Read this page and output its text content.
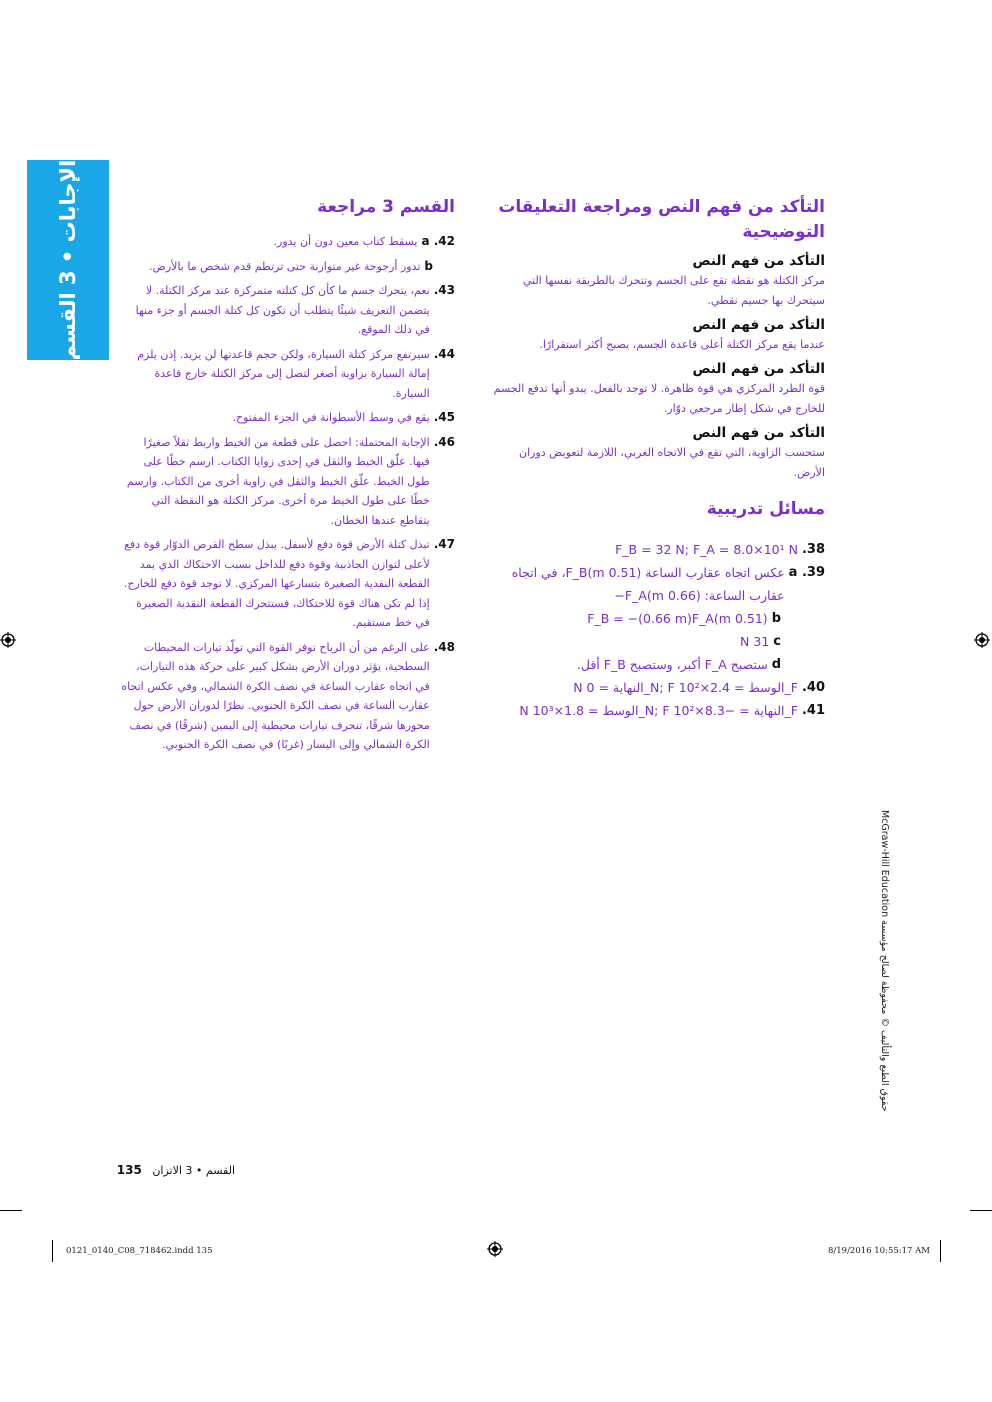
الإجابات • 3 القسم	القسم 3 مراجعة
42. a
يسقط كتاب معين دون أن يدور.
b
تدور أرجوحة غير متوازنة حتى ترتطم قدم شخص ما بالأرض.
43.
نعم، يتحرك جسم ما كأن كل كتلته متمركزة عند مركز الكتلة. لا يتضمن التعريف شيئًا يتطلب أن تكون كل كتلة الجسم أو جزء منها في ذلك الموقع.
44.
سيرتفع مركز كتلة السيارة، ولكن حجم قاعدتها لن يزيد. إذن يلزم إمالة السيارة بزاوية أصغر لتصل إلى مركز الكتلة خارج قاعدة السيارة.
45.
يقع في وسط الأسطوانة في الجزء المفتوح.
46.
الإجابة المحتملة: احصل على قطعة من الخيط واربط ثقلاً صغيرًا فيها. علّق الخيط والثقل في إحدى زوايا الكتاب. ارسم خطًا على طول الخيط. علّق الخيط والثقل في زاوية أخرى من الكتاب. وارسم خطًا على طول الخيط مرة أخرى. مركز الكتلة هو النقطة التي يتقاطع عندها الخطان.
47.
تبذل كتلة الأرض قوة دفع لأسفل. يبذل سطح القرص الدوّار قوة دفع لأعلى لتوازن الجاذبية وقوة دفع للداخل بسبب الاحتكاك الذي يمد القطعة النقدية الصغيرة بتسارعها المركزي. لا توجد قوة دفع للخارج. إذا لم تكن هناك قوة للاحتكاك، فستتحرك القطعة النقدية الصغيرة في خط مستقيم.
48.
على الرغم من أن الرياح توفر القوة التي تولّد تيارات المحيطات السطحية، يؤثر دوران الأرض بشكل كبير على حركة هذه التيارات، في اتجاه عقارب الساعة في نصف الكرة الشمالي، وفي عكس اتجاه عقارب الساعة في نصف الكرة الجنوبي. نظرًا لدوران الأرض حول محورها شرقًا، تنحرف تيارات محيطية إلى اليمين (شرقًا) في نصف الكرة الشمالي وإلى اليسار (غربًا) في نصف الكرة الجنوبي.
التأكد من فهم النص ومراجعة التعليقات التوضيحية
التأكد من فهم النص
مركز الكتلة هو نقطة تقع على الجسم وتتحرك بالطريقة نفسها التي سيتحرك بها جسيم نقطي.
التأكد من فهم النص
عندما يقع مركز الكتلة أعلى قاعدة الجسم، يصبح أكثر استقرارًا.
التأكد من فهم النص
قوة الطرد المركزي هي قوة ظاهرة. لا توجد بالفعل. يبدو أنها تدفع الجسم للخارج في شكل إطار مرجعي دوّار.
التأكد من فهم النص
ستحسب الزاوية، التي تقع في الاتجاه الغربي، اللازمة لتعويض دوران الأرض.
مسائل تدريبية
38.
F_B = 32 N; F_A = 8.0×10¹ N
39. a
عكس اتجاه عقارب الساعة (0.51 m)F_B، في اتجاه عقارب الساعة: (0.66 m)F_A−
b
(0.51 m)F_B = −(0.66 m)F_A
c
31 N
d
ستصبح F_A أكبر، وستصبح F_B أقل.
40.
F_الوسط = 2.4×10² N; F_النهاية = 0 N
41.
F_النهاية = −8.3×10² N; F_الوسط = 1.8×10³ N
حقوق الطبع والتأليف © محفوظة لصالح مؤسسة McGraw-Hill Education
135 القسم • 3 الاتزان
0121_0140_C08_718462.indd 135	8/19/2016 10:55:17 AM
